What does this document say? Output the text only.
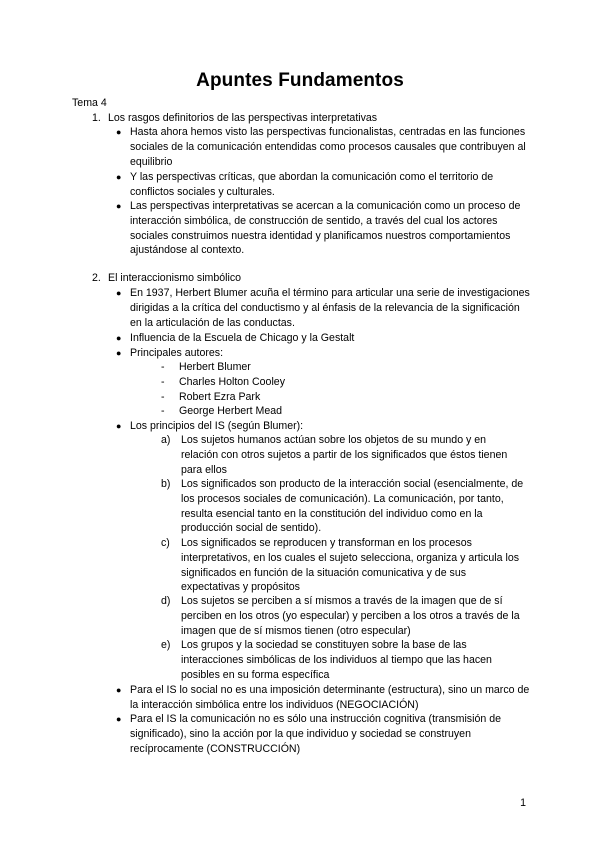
Apuntes Fundamentos
Tema 4
1. Los rasgos definitorios de las perspectivas interpretativas
● Hasta ahora hemos visto las perspectivas funcionalistas, centradas en las funciones sociales de la comunicación entendidas como procesos causales que contribuyen al equilibrio
● Y las perspectivas críticas, que abordan la comunicación como el territorio de conflictos sociales y culturales.
● Las perspectivas interpretativas se acercan a la comunicación como un proceso de interacción simbólica, de construcción de sentido, a través del cual los actores sociales construimos nuestra identidad y planificamos nuestros comportamientos ajustándose al contexto.
2. El interaccionismo simbólico
● En 1937, Herbert Blumer acuña el término para articular una serie de investigaciones dirigidas a la crítica del conductismo y al énfasis de la relevancia de la significación en la articulación de las conductas.
● Influencia de la Escuela de Chicago y la Gestalt
● Principales autores:
- Herbert Blumer
- Charles Holton Cooley
- Robert Ezra Park
- George Herbert Mead
● Los principios del IS (según Blumer):
a) Los sujetos humanos actúan sobre los objetos de su mundo y en relación con otros sujetos a partir de los significados que éstos tienen para ellos
b) Los significados son producto de la interacción social (esencialmente, de los procesos sociales de comunicación). La comunicación, por tanto, resulta esencial tanto en la constitución del individuo como en la producción social de sentido).
c) Los significados se reproducen y transforman en los procesos interpretativos, en los cuales el sujeto selecciona, organiza y articula los significados en función de la situación comunicativa y de sus expectativas y propósitos
d) Los sujetos se perciben a sí mismos a través de la imagen que de sí perciben en los otros (yo especular) y perciben a los otros a través de la imagen que de sí mismos tienen (otro especular)
e) Los grupos y la sociedad se constituyen sobre la base de las interacciones simbólicas de los individuos al tiempo que las hacen posibles en su forma específica
● Para el IS lo social no es una imposición determinante (estructura), sino un marco de la interacción simbólica entre los individuos (NEGOCIACIÓN)
● Para el IS la comunicación no es sólo una instrucción cognitiva (transmisión de significado), sino la acción por la que individuo y sociedad se construyen recíprocamente (CONSTRUCCIÓN)
1
